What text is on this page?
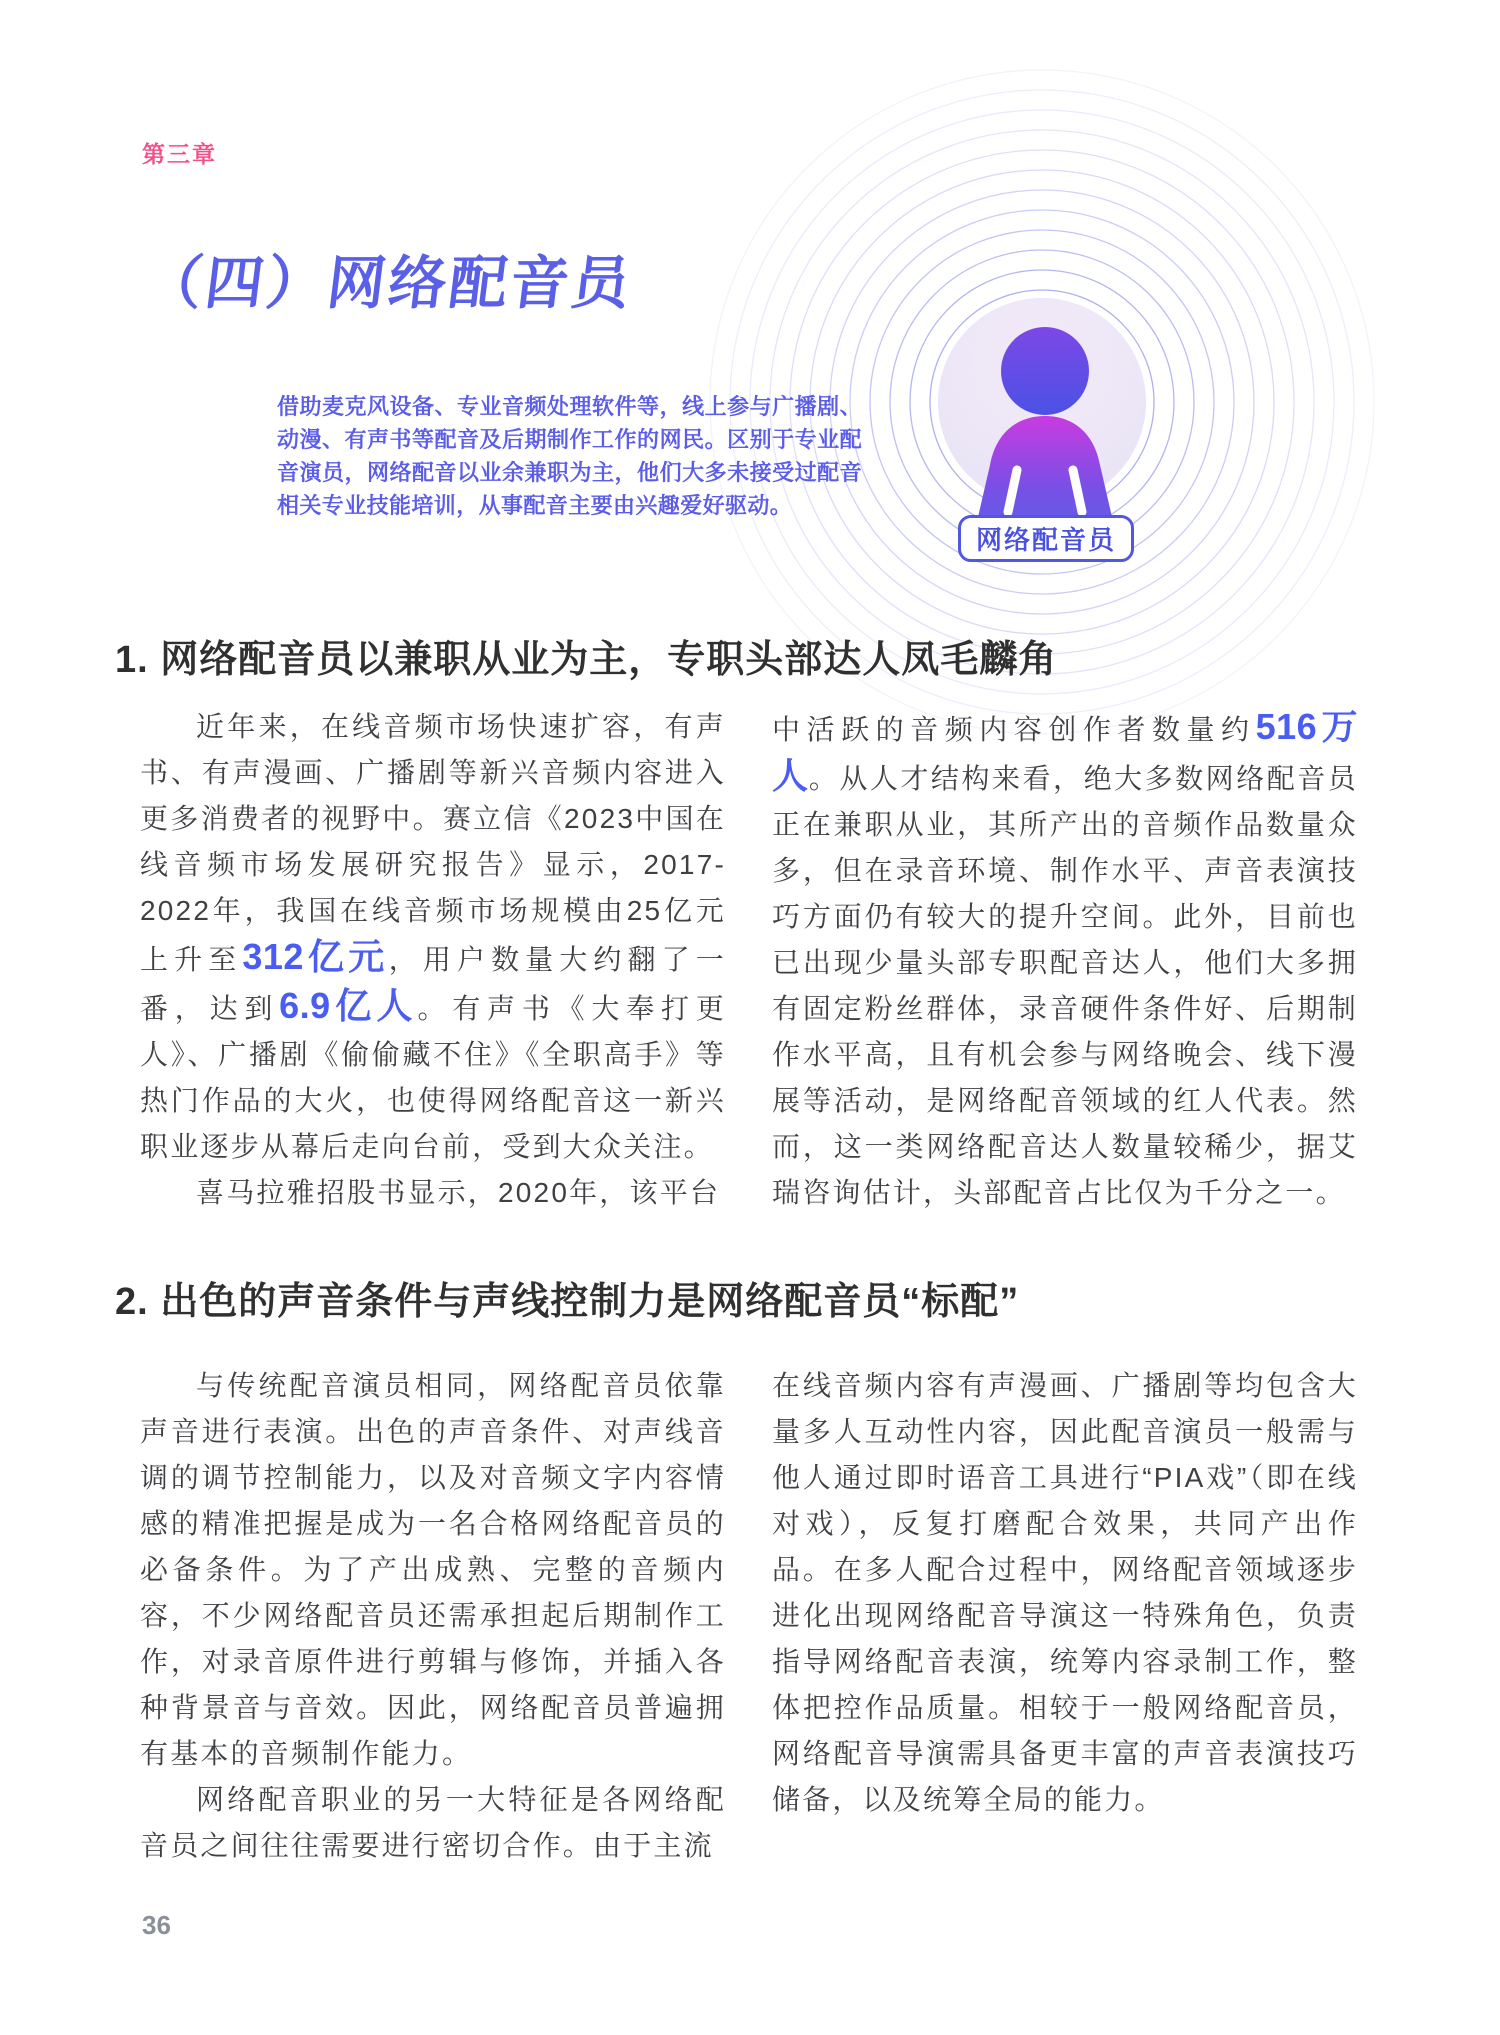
第三章
（四）网络配音员
网络配音员
借助麦克风设备、专业音频处理软件等，线上参与广播剧、动漫、有声书等配音及后期制作工作的网民。区别于专业配音演员，网络配音以业余兼职为主，他们大多未接受过配音相关专业技能培训，从事配音主要由兴趣爱好驱动。
1. 网络配音员以兼职从业为主，专职头部达人凤毛麟角

近年来，在线音频市场快速扩容，有声书、有声漫画、广播剧等新兴音频内容进入更多消费者的视野中。赛立信《2023中国在线音频市场发展研究报告》显示，2017-2022年，我国在线音频市场规模由25亿元上升至312亿元，用户数量大约翻了一番，达到6.9亿人。有声书《大奉打更人》、广播剧《偷偷藏不住》《全职高手》等热门作品的大火，也使得网络配音这一新兴职业逐步从幕后走向台前，受到大众关注。

喜马拉雅招股书显示，2020年，该平台

中活跃的音频内容创作者数量约516万人。从人才结构来看，绝大多数网络配音员正在兼职从业，其所产出的音频作品数量众多，但在录音环境、制作水平、声音表演技巧方面仍有较大的提升空间。此外，目前也已出现少量头部专职配音达人，他们大多拥有固定粉丝群体，录音硬件条件好、后期制作水平高，且有机会参与网络晚会、线下漫展等活动，是网络配音领域的红人代表。然而，这一类网络配音达人数量较稀少，据艾瑞咨询估计，头部配音占比仅为千分之一。

2. 出色的声音条件与声线控制力是网络配音员“标配”

与传统配音演员相同，网络配音员依靠声音进行表演。出色的声音条件、对声线音调的调节控制能力，以及对音频文字内容情感的精准把握是成为一名合格网络配音员的必备条件。为了产出成熟、完整的音频内容，不少网络配音员还需承担起后期制作工作，对录音原件进行剪辑与修饰，并插入各种背景音与音效。因此，网络配音员普遍拥有基本的音频制作能力。

网络配音职业的另一大特征是各网络配音员之间往往需要进行密切合作。由于主流

在线音频内容有声漫画、广播剧等均包含大量多人互动性内容，因此配音演员一般需与他人通过即时语音工具进行“PIA戏”（即在线对戏），反复打磨配合效果，共同产出作品。在多人配合过程中，网络配音领域逐步进化出现网络配音导演这一特殊角色，负责指导网络配音表演，统筹内容录制工作，整体把控作品质量。相较于一般网络配音员，网络配音导演需具备更丰富的声音表演技巧储备，以及统筹全局的能力。

36
